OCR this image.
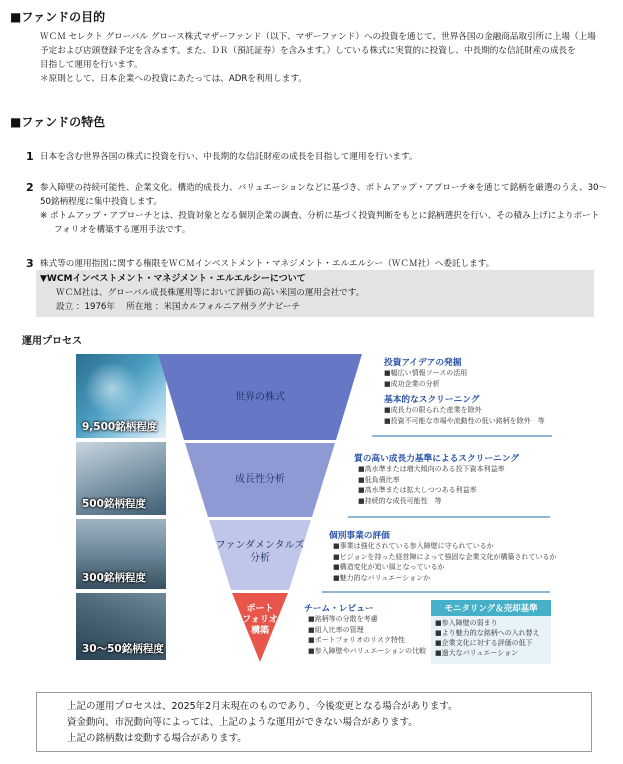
■ファンドの目的
ＷＣＭ セレクト グローバル グロース株式マザーファンド（以下、マザーファンド）への投資を通じて、世界各国の金融商品取引所に上場（上場
予定および店頭登録予定を含みます。また、ＤＲ（預託証券）を含みます。）している株式に実質的に投資し、中長期的な信託財産の成長を
目指して運用を行います。
＊原則として、日本企業への投資にあたっては、ADRを利用します。
■ファンドの特色
1 日本を含む世界各国の株式に投資を行い、中長期的な信託財産の成長を目指して運用を行います。
2 参入障壁の持続可能性、企業文化、構造的成長力、バリュエーションなどに基づき、ボトムアップ・アプローチ※を通じて銘柄を厳選のうえ、30～
50銘柄程度に集中投資します。
※ ボトムアップ・アプローチとは、投資対象となる個別企業の調査、分析に基づく投資判断をもとに銘柄選択を行い、その積み上げによりポート
フォリオを構築する運用手法です。
3 株式等の運用指図に関する権限をＷＣＭインベストメント・マネジメント・エルエルシー（ＷＣＭ社）へ委託します。
▼WCMインベストメント・マネジメント・エルエルシーについて
ＷＣＭ社は、グローバル成長株運用等において評価の高い米国の運用会社です。
設立 ：1976年　 所在地 ：米国カルフォルニア州ラグナビーチ
運用プロセス
9,500銘柄程度
500銘柄程度
300銘柄程度
30～50銘柄程度
世界の株式
成長性分析
ファンダメンタルズ
分析
ポート
フォリオ
構築
投資アイデアの発掘
■幅広い情報ソースの活用
■成功企業の分析
基本的なスクリーニング
■成長力の限られた産業を除外
■投資不可能な市場や流動性の低い銘柄を除外　等
質の高い成長力基準によるスクリーニング
■高水準または増大傾向のある投下資本利益率
■低負債比率
■高水準または拡大しつつある利益率
■持続的な成長可能性　等
個別事業の評価
■事業は強化されている参入障壁に守られているか
■ビジョンを持った経営陣によって強固な企業文化が構築されているか
■構造変化が追い風となっているか
■魅力的なバリュエーションか
チーム・レビュー
■銘柄等の分散を考慮
■組入比率の管理
■ポートフォリオのリスク特性
■参入障壁やバリュエーションの比較
モニタリング＆売却基準
■参入障壁の弱まり
■より魅力的な銘柄への入れ替え
■企業文化に対する評価の低下
■過大なバリュエーション
上記の運用プロセスは、2025年2月末現在のものであり、今後変更となる場合があります。
資金動向、市況動向等によっては、上記のような運用ができない場合があります。
上記の銘柄数は変動する場合があります。
